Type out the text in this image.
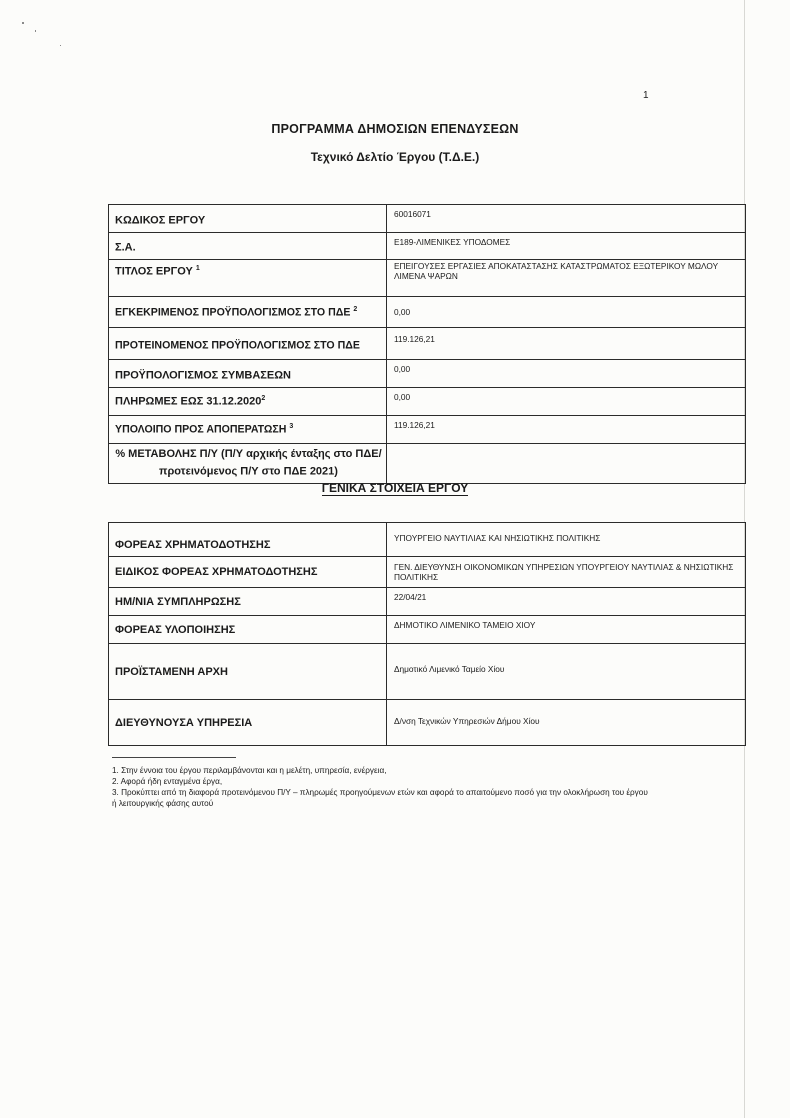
1
ΠΡΟΓΡΑΜΜΑ ΔΗΜΟΣΙΩΝ ΕΠΕΝΔΥΣΕΩΝ
Τεχνικό Δελτίο Έργου (Τ.Δ.Ε.)
ΚΩΔΙΚΟΣ ΕΡΓΟΥ	60016071
Σ.Α.	Ε189-ΛΙΜΕΝΙΚΕΣ ΥΠΟΔΟΜΕΣ
ΤΙΤΛΟΣ ΕΡΓΟΥ $^1$	ΕΠΕΙΓΟΥΣΕΣ ΕΡΓΑΣΙΕΣ ΑΠΟΚΑΤΑΣΤΑΣΗΣ ΚΑΤΑΣΤΡΩΜΑΤΟΣ ΕΞΩΤΕΡΙΚΟΥ ΜΩΛΟΥ ΛΙΜΕΝΑ ΨΑΡΩΝ
ΕΓΚΕΚΡΙΜΕΝΟΣ ΠΡΟΫΠΟΛΟΓΙΣΜΟΣ ΣΤΟ ΠΔΕ $^2$	0,00
ΠΡΟΤΕΙΝΟΜΕΝΟΣ ΠΡΟΫΠΟΛΟΓΙΣΜΟΣ ΣΤΟ ΠΔΕ	119.126,21
ΠΡΟΫΠΟΛΟΓΙΣΜΟΣ ΣΥΜΒΑΣΕΩΝ	0,00
ΠΛΗΡΩΜΕΣ ΕΩΣ 31.12.2020$^2$	0,00
ΥΠΟΛΟΙΠΟ ΠΡΟΣ ΑΠΟΠΕΡΑΤΩΣΗ $^3$	119.126,21
% ΜΕΤΑΒΟΛΗΣ Π/Υ (Π/Υ αρχικής ένταξης στο ΠΔΕ/ προτεινόμενος Π/Υ στο ΠΔΕ 2021)	
ΓΕΝΙΚΑ ΣΤΟΙΧΕΙΑ ΕΡΓΟΥ
ΦΟΡΕΑΣ ΧΡΗΜΑΤΟΔΟΤΗΣΗΣ	ΥΠΟΥΡΓΕΙΟ ΝΑΥΤΙΛΙΑΣ ΚΑΙ ΝΗΣΙΩΤΙΚΗΣ ΠΟΛΙΤΙΚΗΣ
ΕΙΔΙΚΟΣ ΦΟΡΕΑΣ ΧΡΗΜΑΤΟΔΟΤΗΣΗΣ	ΓΕΝ. ΔΙΕΥΘΥΝΣΗ ΟΙΚΟΝΟΜΙΚΩΝ ΥΠΗΡΕΣΙΩΝ ΥΠΟΥΡΓΕΙΟΥ ΝΑΥΤΙΛΙΑΣ & ΝΗΣΙΩΤΙΚΗΣ ΠΟΛΙΤΙΚΗΣ
ΗΜ/ΝΙΑ ΣΥΜΠΛΗΡΩΣΗΣ	22/04/21
ΦΟΡΕΑΣ ΥΛΟΠΟΙΗΣΗΣ	ΔΗΜΟΤΙΚΟ ΛΙΜΕΝΙΚΟ ΤΑΜΕΙΟ ΧΙΟΥ
ΠΡΟΪΣΤΑΜΕΝΗ ΑΡΧΗ	Δημοτικό Λιμενικό Ταμείο Χίου
ΔΙΕΥΘΥΝΟΥΣΑ ΥΠΗΡΕΣΙΑ	Δ/νση Τεχνικών Υπηρεσιών Δήμου Χίου
1. Στην έννοια του έργου περιλαμβάνονται και η μελέτη, υπηρεσία, ενέργεια,
2. Αφορά ήδη ενταγμένα έργα,
3. Προκύπτει από τη διαφορά προτεινόμενου Π/Υ – πληρωμές προηγούμενων ετών και αφορά το απαιτούμενο ποσό για την ολοκλήρωση του έργου ή λειτουργικής φάσης αυτού
